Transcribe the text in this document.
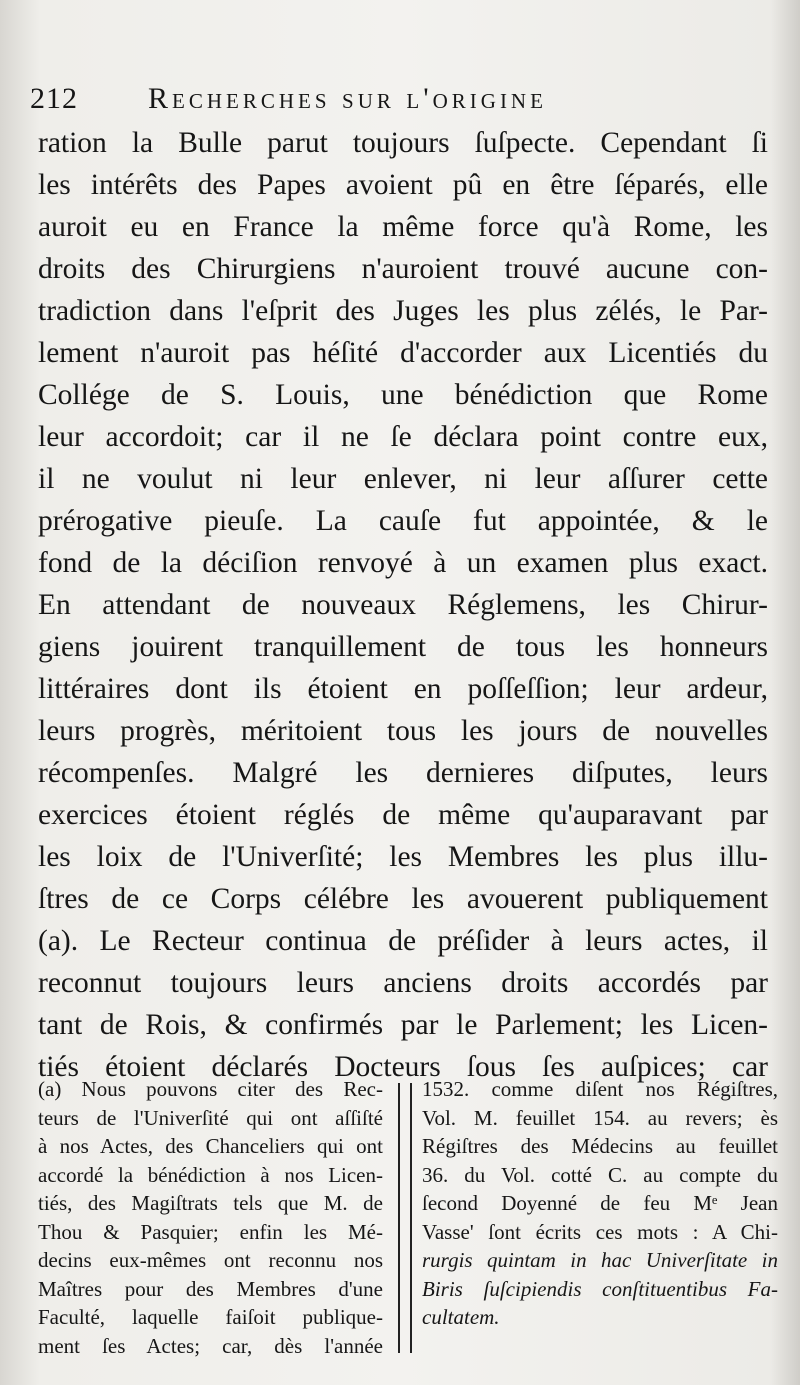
212 Recherches sur l'origine
ration la Bulle parut toujours ſuſpecte. Cependant ſi
les intérêts des Papes avoient pû en être ſéparés, elle
auroit eu en France la même force qu'à Rome, les
droits des Chirurgiens n'auroient trouvé aucune con-
tradiction dans l'eſprit des Juges les plus zélés, le Par-
lement n'auroit pas héſité d'accorder aux Licentiés du
Collége de S. Louis, une bénédiction que Rome
leur accordoit; car il ne ſe déclara point contre eux,
il ne voulut ni leur enlever, ni leur aſſurer cette
prérogative pieuſe. La cauſe fut appointée, & le
fond de la déciſion renvoyé à un examen plus exact.
En attendant de nouveaux Réglemens, les Chirur-
giens jouirent tranquillement de tous les honneurs
littéraires dont ils étoient en poſſeſſion; leur ardeur,
leurs progrès, méritoient tous les jours de nouvelles
récompenſes. Malgré les dernieres diſputes, leurs
exercices étoient réglés de même qu'auparavant par
les loix de l'Univerſité; les Membres les plus illu-
ſtres de ce Corps célébre les avouerent publiquement
(a). Le Recteur continua de préſider à leurs actes, il
reconnut toujours leurs anciens droits accordés par
tant de Rois, & confirmés par le Parlement; les Licen-
tiés étoient déclarés Docteurs ſous ſes auſpices; car
(a) Nous pouvons citer des Rec-
teurs de l'Univerſité qui ont aſſiſté
à nos Actes, des Chanceliers qui ont
accordé la bénédiction à nos Licen-
tiés, des Magiſtrats tels que M. de
Thou & Pasquier; enfin les Mé-
decins eux-mêmes ont reconnu nos
Maîtres pour des Membres d'une
Faculté, laquelle faiſoit publique-
ment ſes Actes; car, dès l'année
1532. comme diſent nos Régiſtres,
Vol. M. feuillet 154. au revers; ès
Régiſtres des Médecins au feuillet
36. du Vol. cotté C. au compte du
ſecond Doyenné de feu Mᵉ Jean
Vasse' ſont écrits ces mots : A Chi-
rurgis quintam in hac Univerſitate in
Biris ſuſcipiendis conſtituentibus Fa-
cultatem.
